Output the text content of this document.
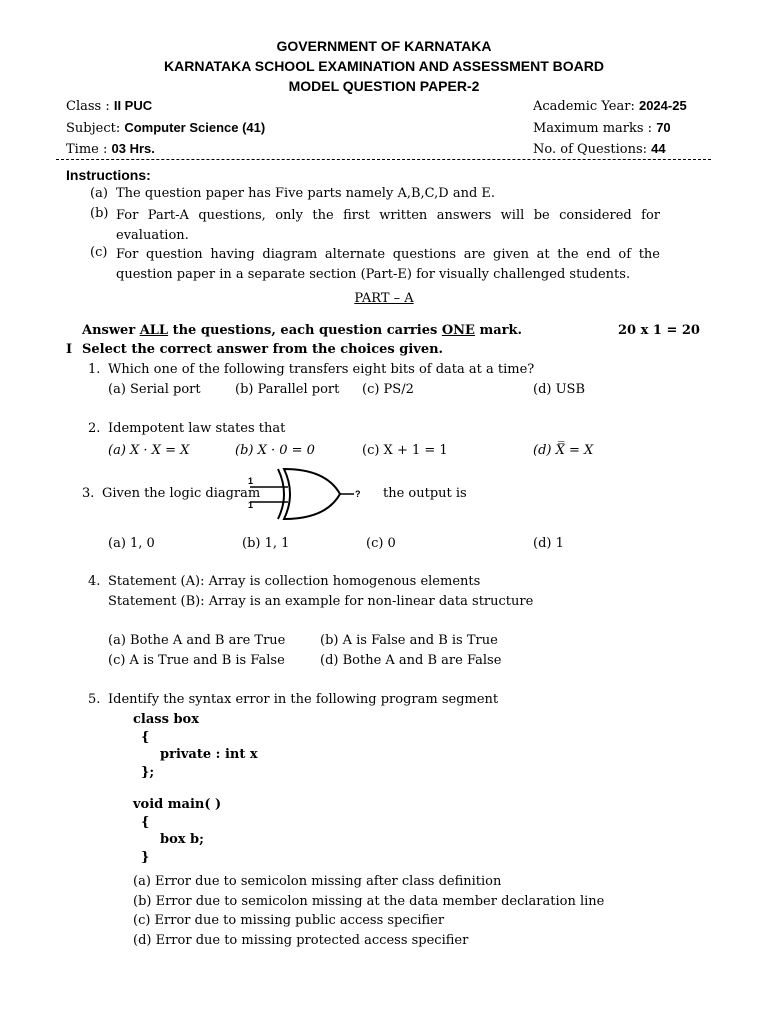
GOVERNMENT OF KARNATAKA
KARNATAKA SCHOOL EXAMINATION AND ASSESSMENT BOARD
MODEL QUESTION PAPER-2
Class : II PUC
Subject: Computer Science (41)
Time : 03 Hrs.
Academic Year: 2024-25
Maximum marks : 70
No. of Questions: 44
Instructions:
(a) The question paper has Five parts namely A,B,C,D and E.
(b) For Part-A questions, only the first written answers will be considered for evaluation.
(c) For question having diagram alternate questions are given at the end of the question paper in a separate section (Part-E) for visually challenged students.
PART – A
Answer ALL the questions, each question carries ONE mark.	20 x 1 = 20
I Select the correct answer from the choices given.
1. Which one of the following transfers eight bits of data at a time?
(a) Serial port	(b) Parallel port (c) PS/2	(d) USB
2. Idempotent law states that
(a) X · X = X	(b) X · 0 = 0	(c) X + 1 = 1	(d) X̿ = X
3. Given the logic diagram
1
1
? the output is
(a) 1, 0	(b) 1, 1	(c) 0	(d) 1
4. Statement (A): Array is collection homogenous elements
Statement (B): Array is an example for non-linear data structure
(a) Bothe A and B are True	(b) A is False and B is True
(c) A is True and B is False	(d) Bothe A and B are False
5. Identify the syntax error in the following program segment
class box
{
private : int x
};
void main( )
{
box b;
}
(a) Error due to semicolon missing after class definition
(b) Error due to semicolon missing at the data member declaration line
(c) Error due to missing public access specifier
(d) Error due to missing protected access specifier
